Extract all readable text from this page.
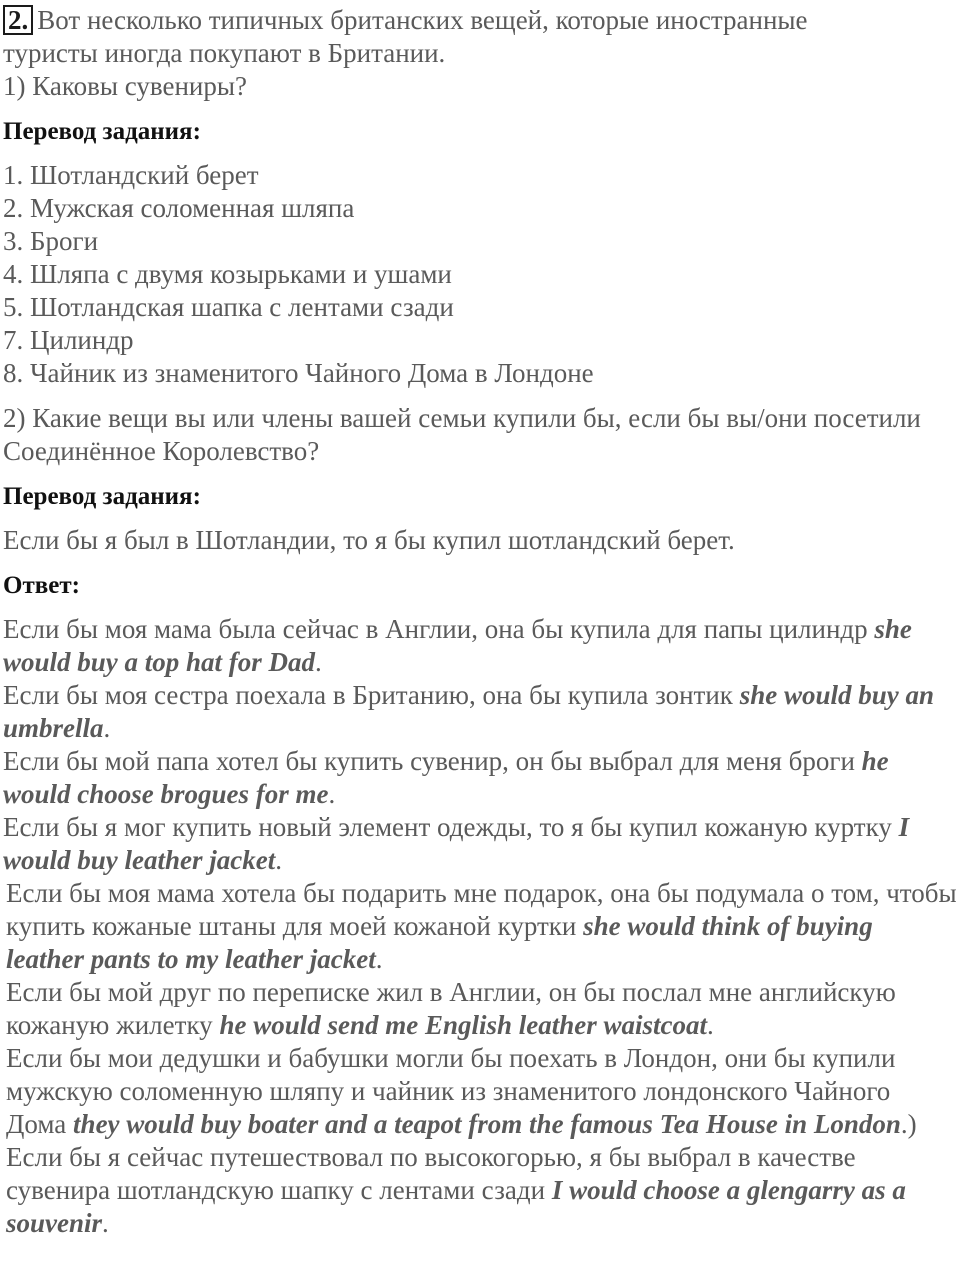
2. Вот несколько типичных британских вещей, которые иностранные
туристы иногда покупают в Британии.

1) Каковы сувениры?

Перевод задания:
1. Шотландский берет
2. Мужская соломенная шляпа
3. Броги
4. Шляпа с двумя козырьками и ушами
5. Шотландская шапка с лентами сзади
7. Цилиндр
8. Чайник из знаменитого Чайного Дома в Лондоне

2) Какие вещи вы или члены вашей семьи купили бы, если бы вы/они посетили Соединённое Королевство?

Перевод задания:

Если бы я был в Шотландии, то я бы купил шотландский берет.

Ответ:

Если бы моя мама была сейчас в Англии, она бы купила для папы цилиндр she would buy a top hat for Dad.

Если бы моя сестра поехала в Британию, она бы купила зонтик she would buy an umbrella.

Если бы мой папа хотел бы купить сувенир, он бы выбрал для меня броги he would choose brogues for me.

Если бы я мог купить новый элемент одежды, то я бы купил кожаную куртку I would buy leather jacket.

Если бы моя мама хотела бы подарить мне подарок, она бы подумала о том, чтобы купить кожаные штаны для моей кожаной куртки she would think of buying leather pants to my leather jacket.

Если бы мой друг по переписке жил в Англии, он бы послал мне английскую кожаную жилетку he would send me English leather waistcoat.

Если бы мои дедушки и бабушки могли бы поехать в Лондон, они бы купили мужскую соломенную шляпу и чайник из знаменитого лондонского Чайного Дома they would buy boater and a teapot from the famous Tea House in London.)

Если бы я сейчас путешествовал по высокогорью, я бы выбрал в качестве сувенира шотландскую шапку с лентами сзади I would choose a glengarry as a souvenir.
